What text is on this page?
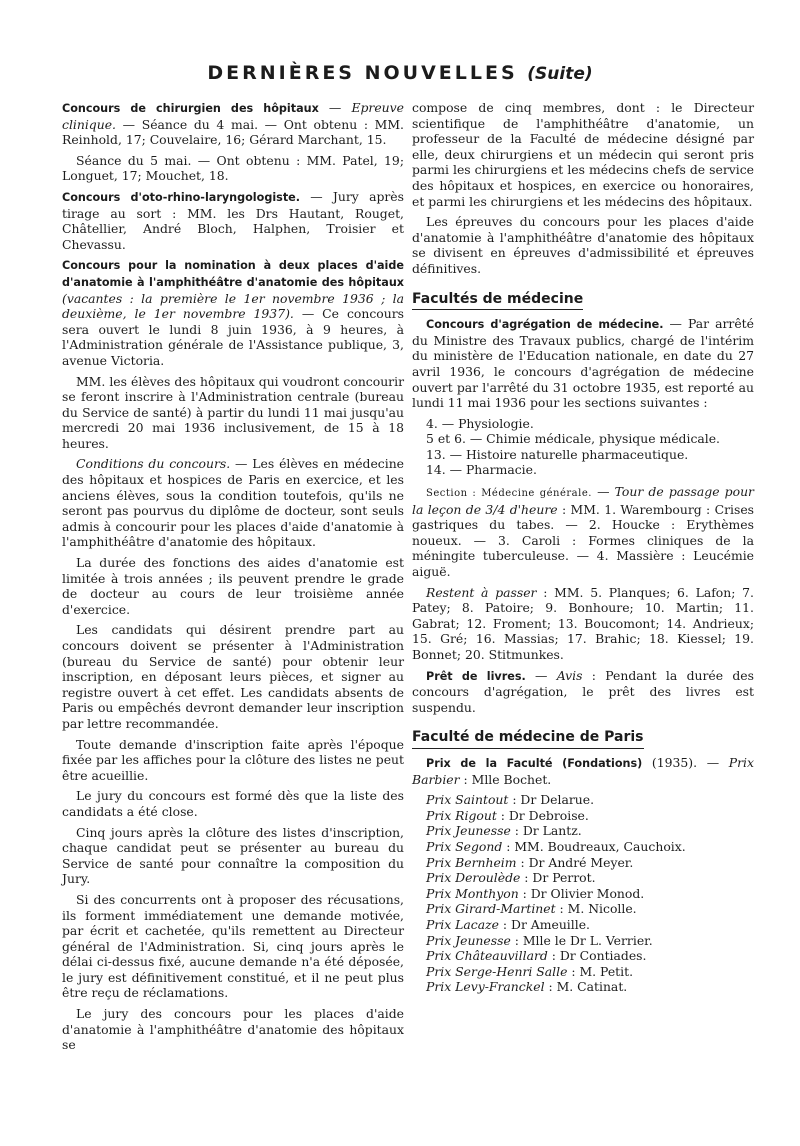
DERNIÈRES NOUVELLES (Suite)

Concours de chirurgien des hôpitaux — Epreuve clinique. — Séance du 4 mai. — Ont obtenu : MM. Reinhold, 17; Couvelaire, 16; Gérard Marchant, 15.

Séance du 5 mai. — Ont obtenu : MM. Patel, 19; Longuet, 17; Mouchet, 18.

Concours d'oto-rhino-laryngologiste. — Jury après tirage au sort : MM. les Drs Hautant, Rouget, Châtellier, André Bloch, Halphen, Troisier et Chevassu.

Concours pour la nomination à deux places d'aide d'anatomie à l'amphithéâtre d'anatomie des hôpitaux (vacantes : la première le 1er novembre 1936 ; la deuxième, le 1er novembre 1937). — Ce concours sera ouvert le lundi 8 juin 1936, à 9 heures, à l'Administration générale de l'Assistance publique, 3, avenue Victoria.

MM. les élèves des hôpitaux qui voudront concourir se feront inscrire à l'Administration centrale (bureau du Service de santé) à partir du lundi 11 mai jusqu'au mercredi 20 mai 1936 inclusivement, de 15 à 18 heures.

Conditions du concours. — Les élèves en médecine des hôpitaux et hospices de Paris en exercice, et les anciens élèves, sous la condition toutefois, qu'ils ne seront pas pourvus du diplôme de docteur, sont seuls admis à concourir pour les places d'aide d'anatomie à l'amphithéâtre d'anatomie des hôpitaux.

La durée des fonctions des aides d'anatomie est limitée à trois années ; ils peuvent prendre le grade de docteur au cours de leur troisième année d'exercice.

Les candidats qui désirent prendre part au concours doivent se présenter à l'Administration (bureau du Service de santé) pour obtenir leur inscription, en déposant leurs pièces, et signer au registre ouvert à cet effet. Les candidats absents de Paris ou empêchés devront demander leur inscription par lettre recommandée.

Toute demande d'inscription faite après l'époque fixée par les affiches pour la clôture des listes ne peut être acueillie.

Le jury du concours est formé dès que la liste des candidats a été close.

Cinq jours après la clôture des listes d'inscription, chaque candidat peut se présenter au bureau du Service de santé pour connaître la composition du Jury.

Si des concurrents ont à proposer des récusations, ils forment immédiatement une demande motivée, par écrit et cachetée, qu'ils remettent au Directeur général de l'Administration. Si, cinq jours après le délai ci-dessus fixé, aucune demande n'a été déposée, le jury est définitivement constitué, et il ne peut plus être reçu de réclamations.

Le jury des concours pour les places d'aide d'anatomie à l'amphithéâtre d'anatomie des hôpitaux se

compose de cinq membres, dont : le Directeur scientifique de l'amphithéâtre d'anatomie, un professeur de la Faculté de médecine désigné par elle, deux chirurgiens et un médecin qui seront pris parmi les chirurgiens et les médecins chefs de service des hôpitaux et hospices, en exercice ou honoraires, et parmi les chirurgiens et les médecins des hôpitaux.

Les épreuves du concours pour les places d'aide d'anatomie à l'amphithéâtre d'anatomie des hôpitaux se divisent en épreuves d'admissibilité et épreuves définitives.

Facultés de médecine

Concours d'agrégation de médecine. — Par arrêté du Ministre des Travaux publics, chargé de l'intérim du ministère de l'Education nationale, en date du 27 avril 1936, le concours d'agrégation de médecine ouvert par l'arrêté du 31 octobre 1935, est reporté au lundi 11 mai 1936 pour les sections suivantes :

4. — Physiologie.
5 et 6. — Chimie médicale, physique médicale.
13. — Histoire naturelle pharmaceutique.
14. — Pharmacie.

Section : Médecine générale. — Tour de passage pour la leçon de 3/4 d'heure : MM. 1. Warembourg : Crises gastriques du tabes. — 2. Houcke : Erythèmes noueux. — 3. Caroli : Formes cliniques de la méningite tuberculeuse. — 4. Massière : Leucémie aiguë.

Restent à passer : MM. 5. Planques; 6. Lafon; 7. Patey; 8. Patoire; 9. Bonhoure; 10. Martin; 11. Gabrat; 12. Froment; 13. Boucomont; 14. Andrieux; 15. Gré; 16. Massias; 17. Brahic; 18. Kiessel; 19. Bonnet; 20. Stitmunkes.

Prêt de livres. — Avis : Pendant la durée des concours d'agrégation, le prêt des livres est suspendu.

Faculté de médecine de Paris

Prix de la Faculté (Fondations) (1935). — Prix Barbier : Mlle Bochet.

Prix Saintout : Dr Delarue.
Prix Rigout : Dr Debroise.
Prix Jeunesse : Dr Lantz.
Prix Segond : MM. Boudreaux, Cauchoix.
Prix Bernheim : Dr André Meyer.
Prix Deroulède : Dr Perrot.
Prix Monthyon : Dr Olivier Monod.
Prix Girard-Martinet : M. Nicolle.
Prix Lacaze : Dr Ameuille.
Prix Jeunesse : Mlle le Dr L. Verrier.
Prix Châteauvillard : Dr Contiades.
Prix Serge-Henri Salle : M. Petit.
Prix Levy-Franckel : M. Catinat.
